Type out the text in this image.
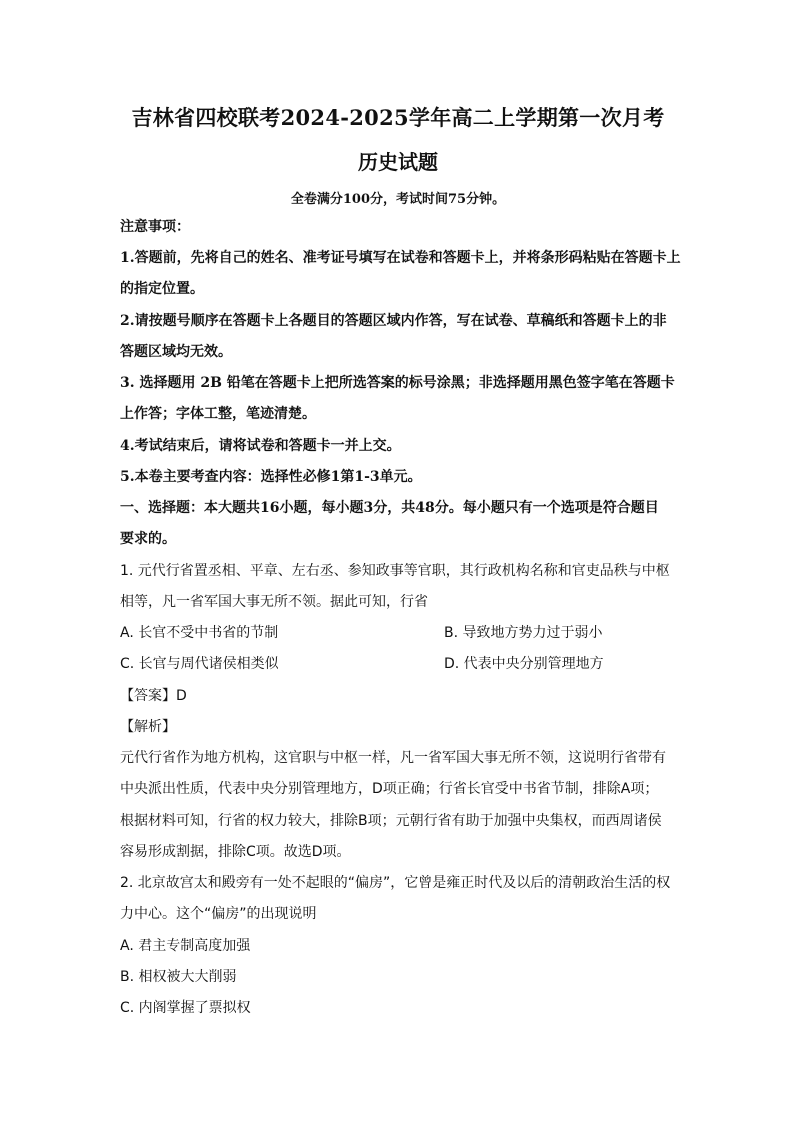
吉林省四校联考2024-2025学年高二上学期第一次月考
历史试题
全卷满分100分，考试时间75分钟。
注意事项：
1.答题前，先将自己的姓名、准考证号填写在试卷和答题卡上，并将条形码粘贴在答题卡上
的指定位置。
2.请按题号顺序在答题卡上各题目的答题区域内作答，写在试卷、草稿纸和答题卡上的非
答题区域均无效。
3. 选择题用 2B 铅笔在答题卡上把所选答案的标号涂黑；非选择题用黑色签字笔在答题卡
上作答；字体工整，笔迹清楚。
4.考试结束后，请将试卷和答题卡一并上交。
5.本卷主要考查内容：选择性必修1第1-3单元。
一、选择题：本大题共16小题，每小题3分，共48分。每小题只有一个选项是符合题目
要求的。
1. 元代行省置丞相、平章、左右丞、参知政事等官职，其行政机构名称和官吏品秩与中枢
相等，凡一省军国大事无所不领。据此可知，行省
A. 长官不受中书省的节制	B. 导致地方势力过于弱小
C. 长官与周代诸侯相类似	D. 代表中央分别管理地方
【答案】D
【解析】
元代行省作为地方机构，这官职与中枢一样，凡一省军国大事无所不领，这说明行省带有
中央派出性质，代表中央分别管理地方，D项正确；行省长官受中书省节制，排除A项；
根据材料可知，行省的权力较大，排除B项；元朝行省有助于加强中央集权，而西周诸侯
容易形成割据，排除C项。故选D项。
2. 北京故宫太和殿旁有一处不起眼的“偏房”，它曾是雍正时代及以后的清朝政治生活的权
力中心。这个“偏房”的出现说明
A. 君主专制高度加强
B. 相权被大大削弱
C. 内阁掌握了票拟权
